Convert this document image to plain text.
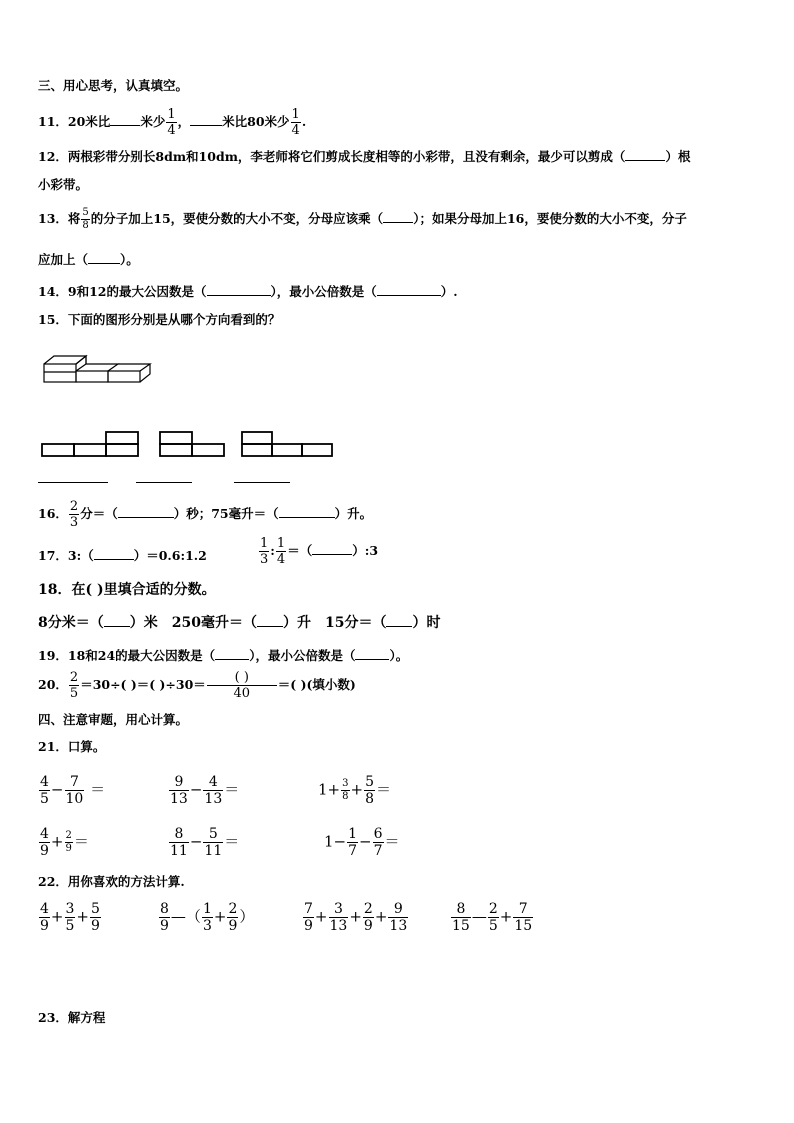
三、用心思考，认真填空。
11．20米比 米少 $\frac{1}{4}$ ，	米比80米少 $\frac{1}{4}$ .
12．两根彩带分别长8dm和10dm，李老师将它们剪成长度相等的小彩带，且没有剩余，最少可以剪成（	）根
小彩带。
13．将 $\frac{5}{8}$ 的分子加上15，要使分数的大小不变，分母应该乘（ ）；如果分母加上16，要使分数的大小不变，分子
应加上（	）。
14．9和12的最大公因数是（	），最小公倍数是（	）.
15．下面的图形分别是从哪个方向看到的？
16． $\frac{2}{3}$ 分＝（	）秒；75毫升＝（	）升。
17．3:（	）＝0.6:1.2	$\frac{1}{3}$ : $\frac{1}{4}$ ＝（	）:3
18．在( )里填合适的分数。
8分米＝（ ）米　250毫升＝（ ）升　15分＝（ ）时
19．18和24的最大公因数是（	），最小公倍数是（	）。
20． $\frac{2}{5} =30\div$( )＝( )÷30＝ ( )
40
＝( )(填小数)
四、注意审题，用心计算。
21．口算。
$\frac{4}{5} - \frac{7}{10}$ ＝	$\frac{9}{13} - \frac{4}{13}$ ＝	$1+ \frac{3}{8} + \frac{5}{8}$ ＝
$\frac{4}{9} + \frac{2}{9}$ ＝	$\frac{8}{11} - \frac{5}{11}$ ＝	$1- \frac{1}{7} - \frac{6}{7}$ ＝
22．用你喜欢的方法计算.
$\frac{4}{9} + \frac{3}{5} + \frac{5}{9}$	$\frac{8}{9}$ —（ $\frac{1}{3} + \frac{2}{9}$ ）	$\frac{7}{9} + \frac{3}{13} + \frac{2}{9} + \frac{9}{13}$	$\frac{8}{15}$ — $\frac{2}{5} + \frac{7}{15}$
23．解方程
